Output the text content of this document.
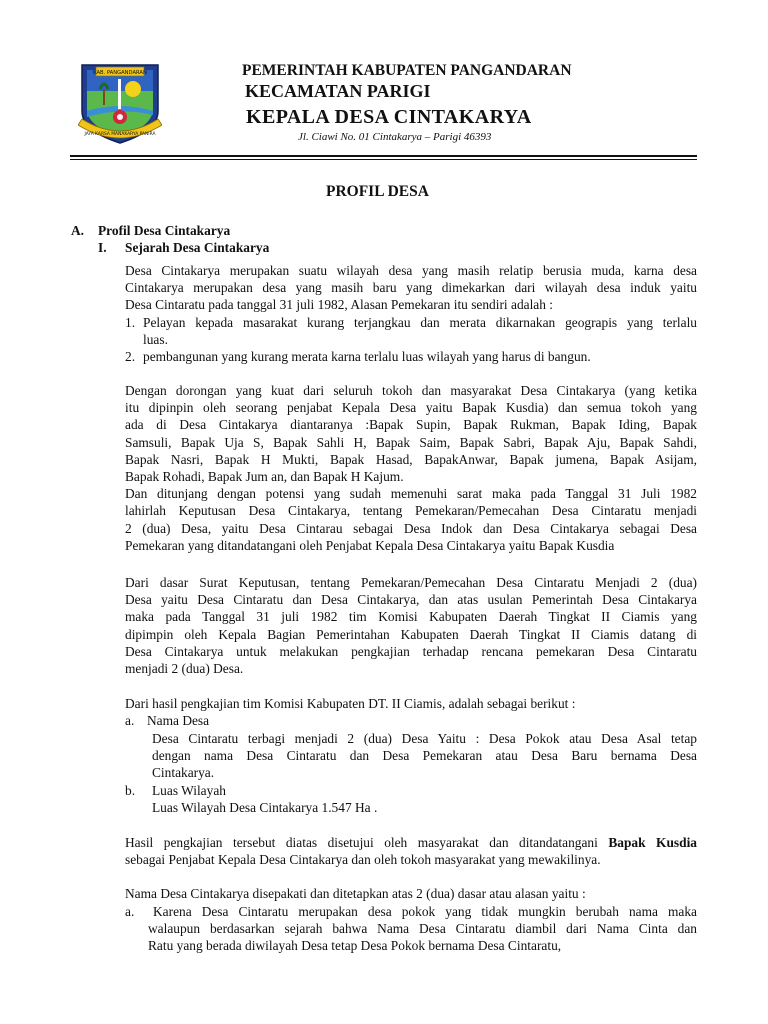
KAB. PANGANDARAN
JAYA KARSA MANAKARYA PANIRA
PEMERINTAH KABUPATEN PANGANDARAN
KECAMATAN PARIGI
KEPALA DESA CINTAKARYA
Jl. Ciawi No. 01 Cintakarya – Parigi 46393
PROFIL DESA
A. Profil Desa Cintakarya
I. Sejarah Desa Cintakarya
Desa Cintakarya merupakan suatu wilayah desa yang masih relatip berusia muda, karna desa
Cintakarya merupakan desa yang masih baru yang dimekarkan dari wilayah desa induk yaitu
Desa Cintaratu pada tanggal 31 juli 1982, Alasan Pemekaran itu sendiri adalah :
1. Pelayan kepada masarakat kurang terjangkau dan merata dikarnakan geograpis yang terlalu
luas.
2. pembangunan yang kurang merata karna terlalu luas wilayah yang harus di bangun.
Dengan dorongan yang kuat dari seluruh tokoh dan masyarakat Desa Cintakarya (yang ketika
itu dipinpin oleh seorang penjabat Kepala Desa yaitu Bapak Kusdia) dan semua tokoh yang
ada di Desa Cintakarya diantaranya :Bapak Supin, Bapak Rukman, Bapak Iding, Bapak
Samsuli, Bapak Uja S, Bapak Sahli H, Bapak Saim, Bapak Sabri, Bapak Aju, Bapak Sahdi,
Bapak Nasri, Bapak H Mukti, Bapak Hasad, BapakAnwar, Bapak jumena, Bapak Asijam,
Bapak Rohadi, Bapak Jum an, dan Bapak H Kajum.
Dan ditunjang dengan potensi yang sudah memenuhi sarat maka pada Tanggal 31 Juli 1982
lahirlah Keputusan Desa Cintakarya, tentang Pemekaran/Pemecahan Desa Cintaratu menjadi
2 (dua) Desa, yaitu Desa Cintarau sebagai Desa Indok dan Desa Cintakarya sebagai Desa
Pemekaran yang ditandatangani oleh Penjabat Kepala Desa Cintakarya yaitu Bapak Kusdia
Dari dasar Surat Keputusan, tentang Pemekaran/Pemecahan Desa Cintaratu Menjadi 2 (dua)
Desa yaitu Desa Cintaratu dan Desa Cintakarya, dan atas usulan Pemerintah Desa Cintakarya
maka pada Tanggal 31 juli 1982 tim Komisi Kabupaten Daerah Tingkat II Ciamis yang
dipimpin oleh Kepala Bagian Pemerintahan Kabupaten Daerah Tingkat II Ciamis datang di
Desa Cintakarya untuk melakukan pengkajian terhadap rencana pemekaran Desa Cintaratu
menjadi 2 (dua) Desa.
Dari hasil pengkajian tim Komisi Kabupaten DT. II Ciamis, adalah sebagai berikut :
a. Nama Desa
Desa Cintaratu terbagi menjadi 2 (dua) Desa Yaitu : Desa Pokok atau Desa Asal tetap
dengan nama Desa Cintaratu dan Desa Pemekaran atau Desa Baru bernama Desa
Cintakarya.
b. Luas Wilayah
Luas Wilayah Desa Cintakarya 1.547 Ha .
Hasil pengkajian tersebut diatas disetujui oleh masyarakat dan ditandatangani Bapak Kusdia
sebagai Penjabat Kepala Desa Cintakarya dan oleh tokoh masyarakat yang mewakilinya.
Nama Desa Cintakarya disepakati dan ditetapkan atas 2 (dua) dasar atau alasan yaitu :
a.	Karena Desa Cintaratu merupakan desa pokok yang tidak mungkin berubah nama maka
walaupun berdasarkan sejarah bahwa Nama Desa Cintaratu diambil dari Nama Cinta dan
Ratu yang berada diwilayah Desa tetap Desa Pokok bernama Desa Cintaratu,
